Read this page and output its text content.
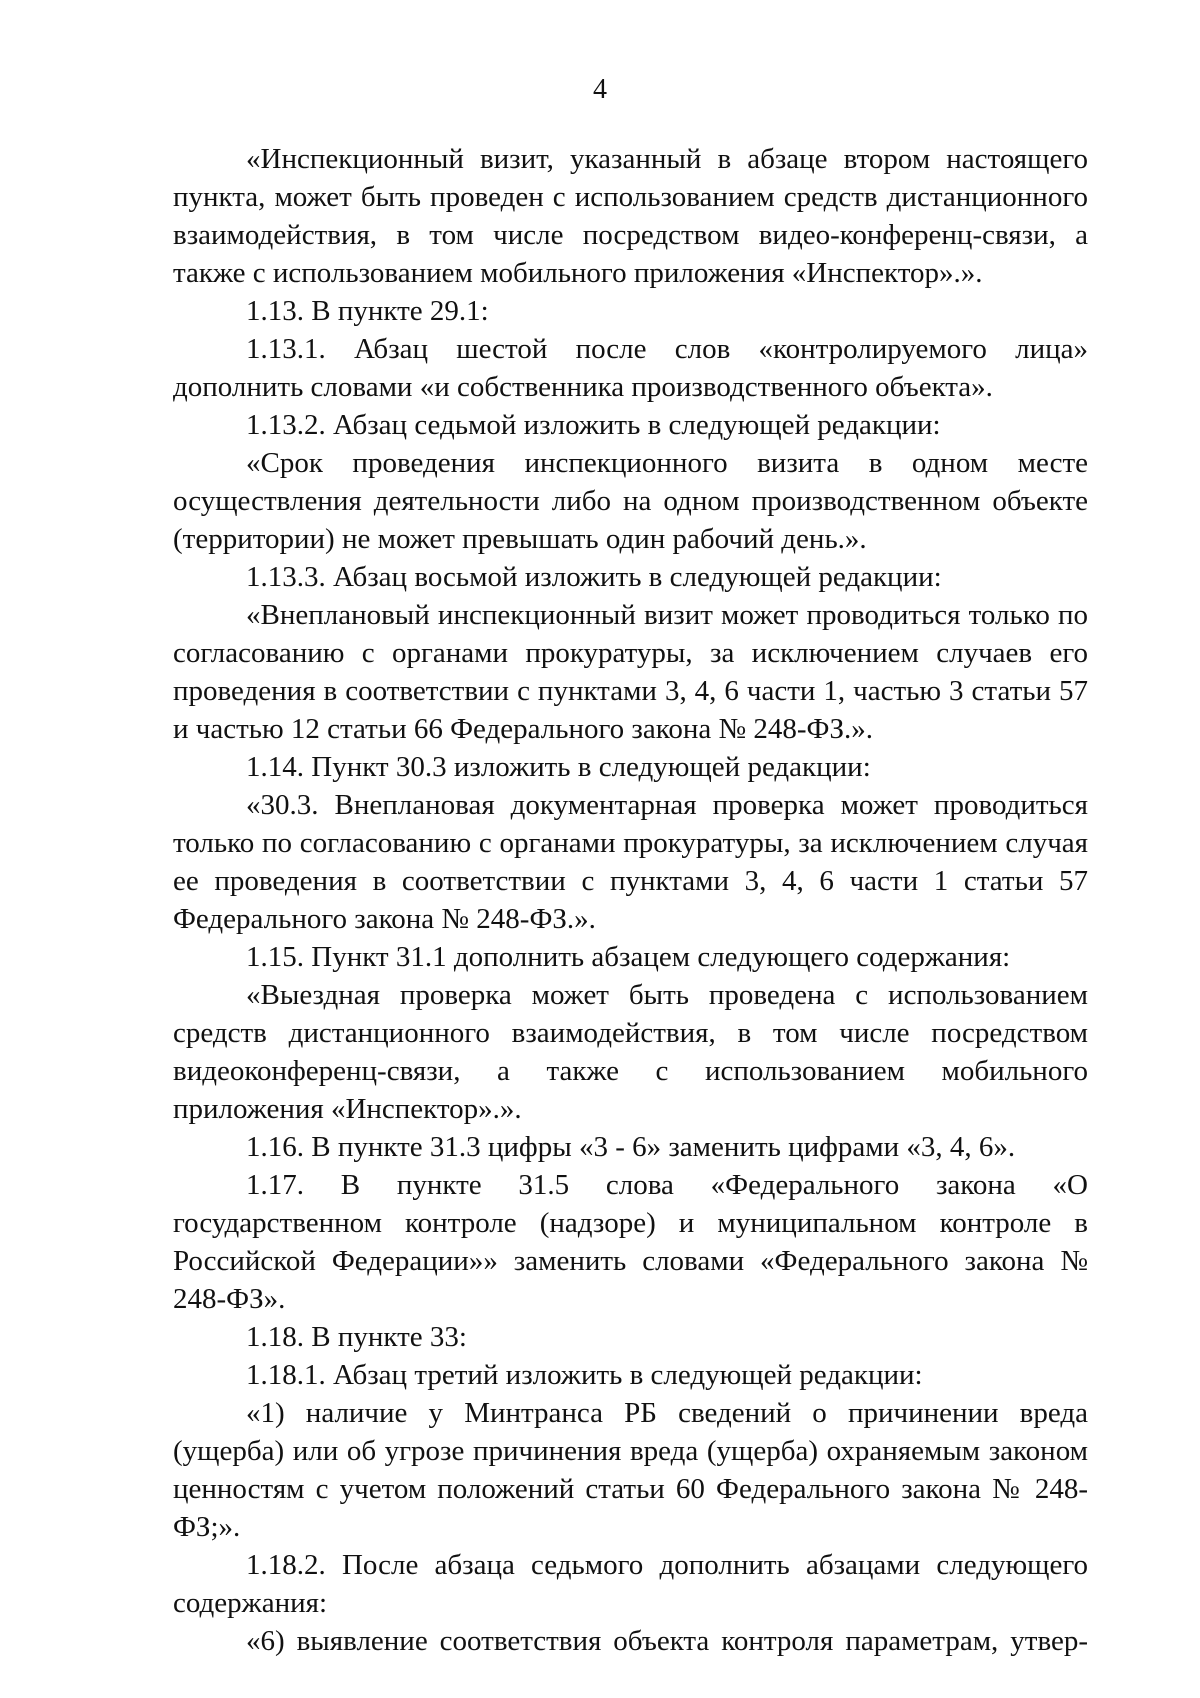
4

«Инспекционный визит, указанный в абзаце втором настоящего пункта, может быть проведен с использованием средств дистанционного взаимодействия, в том числе посредством видео-конференц-связи, а также с использованием мобильного приложения «Инспектор».».

1.13. В пункте 29.1:

1.13.1. Абзац шестой после слов «контролируемого лица» дополнить словами «и собственника производственного объекта».

1.13.2. Абзац седьмой изложить в следующей редакции:

«Срок проведения инспекционного визита в одном месте осуществления деятельности либо на одном производственном объекте (территории) не может превышать один рабочий день.».

1.13.3. Абзац восьмой изложить в следующей редакции:

«Внеплановый инспекционный визит может проводиться только по согласованию с органами прокуратуры, за исключением случаев его проведения в соответствии с пунктами 3, 4, 6 части 1, частью 3 статьи 57 и частью 12 статьи 66 Федерального закона № 248-ФЗ.».

1.14. Пункт 30.3 изложить в следующей редакции:

«30.3. Внеплановая документарная проверка может проводиться только по согласованию с органами прокуратуры, за исключением случая ее проведения в соответствии с пунктами 3, 4, 6 части 1 статьи 57 Федерального закона № 248-ФЗ.».

1.15. Пункт 31.1 дополнить абзацем следующего содержания:

«Выездная проверка может быть проведена с использованием средств дистанционного взаимодействия, в том числе посредством видеоконференц-связи, а также с использованием мобильного приложения «Инспектор».».

1.16. В пункте 31.3 цифры «3 - 6» заменить цифрами «3, 4, 6».

1.17. В пункте 31.5 слова «Федерального закона «О государственном контроле (надзоре) и муниципальном контроле в Российской Федерации»» заменить словами «Федерального закона № 248-ФЗ».

1.18. В пункте 33:

1.18.1. Абзац третий изложить в следующей редакции:

«1) наличие у Минтранса РБ сведений о причинении вреда (ущерба) или об угрозе причинения вреда (ущерба) охраняемым законом ценностям с учетом положений статьи 60 Федерального закона № 248-ФЗ;».

1.18.2. После абзаца седьмого дополнить абзацами следующего содержания:

«6) выявление соответствия объекта контроля параметрам, утвер-
